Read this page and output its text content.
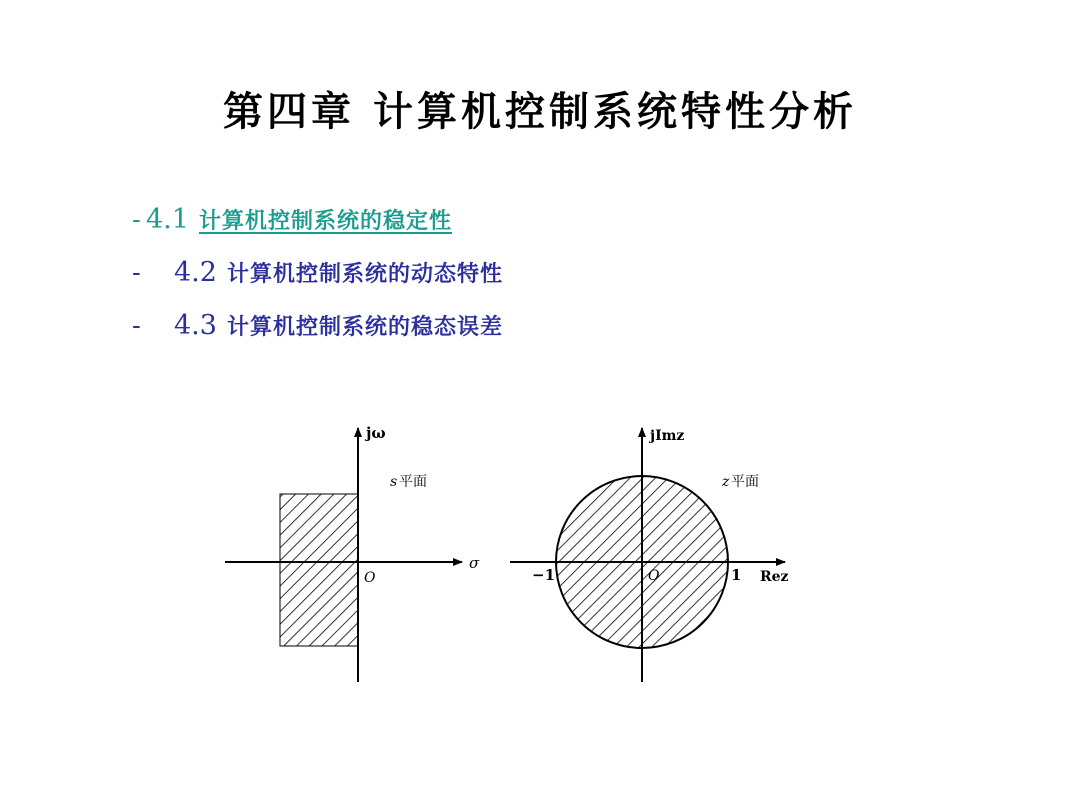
第四章 计算机控制系统特性分析
- 4.1 计算机控制系统的稳定性
- 4.2 计算机控制系统的动态特性
- 4.3 计算机控制系统的稳态误差
jω
σ
O
s 平面
jImz
Rez
O
−1	1
z 平面
